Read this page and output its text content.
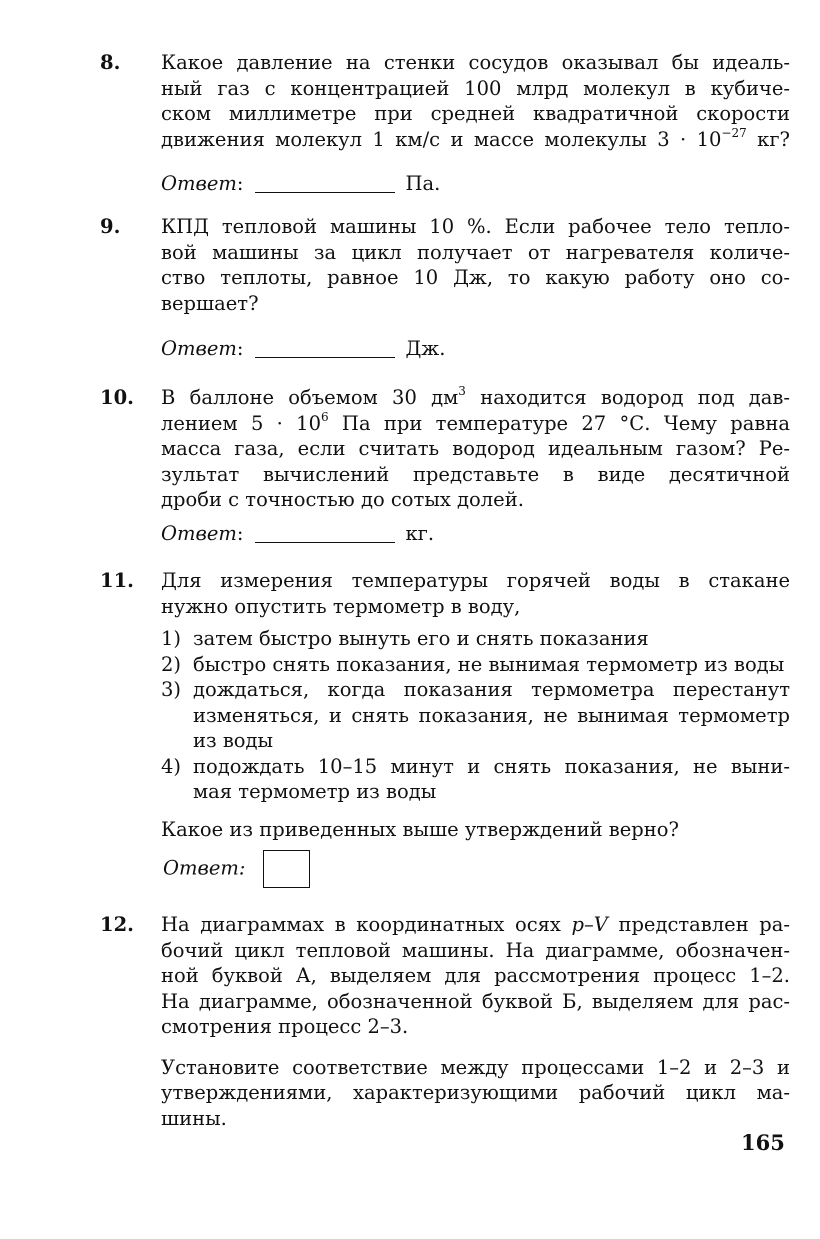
8.	Какое давление на стенки сосудов оказывал бы идеаль-
ный газ с концентрацией 100 млрд молекул в кубиче-
ском миллиметре при средней квадратичной скорости
движения молекул 1 км/с и массе молекулы $3 \cdot 10^{-27}$ кг?
Ответ:	Па.
9.	КПД тепловой машины 10 %. Если рабочее тело тепло-
вой машины за цикл получает от нагревателя количе-
ство теплоты, равное 10 Дж, то какую работу оно со-
вершает?
Ответ:	Дж.
10.	В баллоне объемом 30 $дм^3$ находится водород под дав-
лением $5 \cdot 10^6$ Па при температуре 27 °С. Чему равна
масса газа, если считать водород идеальным газом? Ре-
зультат вычислений представьте в виде десятичной
дроби с точностью до сотых долей.
Ответ:	кг.
11.	Для измерения температуры горячей воды в стакане
нужно опустить термометр в воду,
1) затем быстро вынуть его и снять показания
2) быстро снять показания, не вынимая термометр из воды
3) дождаться, когда показания термометра перестанут
изменяться, и снять показания, не вынимая термометр
из воды
4) подождать 10–15 минут и снять показания, не выни-
мая термометр из воды
Какое из приведенных выше утверждений верно?
Ответ:
12.	На диаграммах в координатных осях p–V представлен ра-
бочий цикл тепловой машины. На диаграмме, обозначен-
ной буквой А, выделяем для рассмотрения процесс 1–2.
На диаграмме, обозначенной буквой Б, выделяем для рас-
смотрения процесс 2–3.
Установите соответствие между процессами 1–2 и 2–3 и
утверждениями, характеризующими рабочий цикл ма-
шины.
165
